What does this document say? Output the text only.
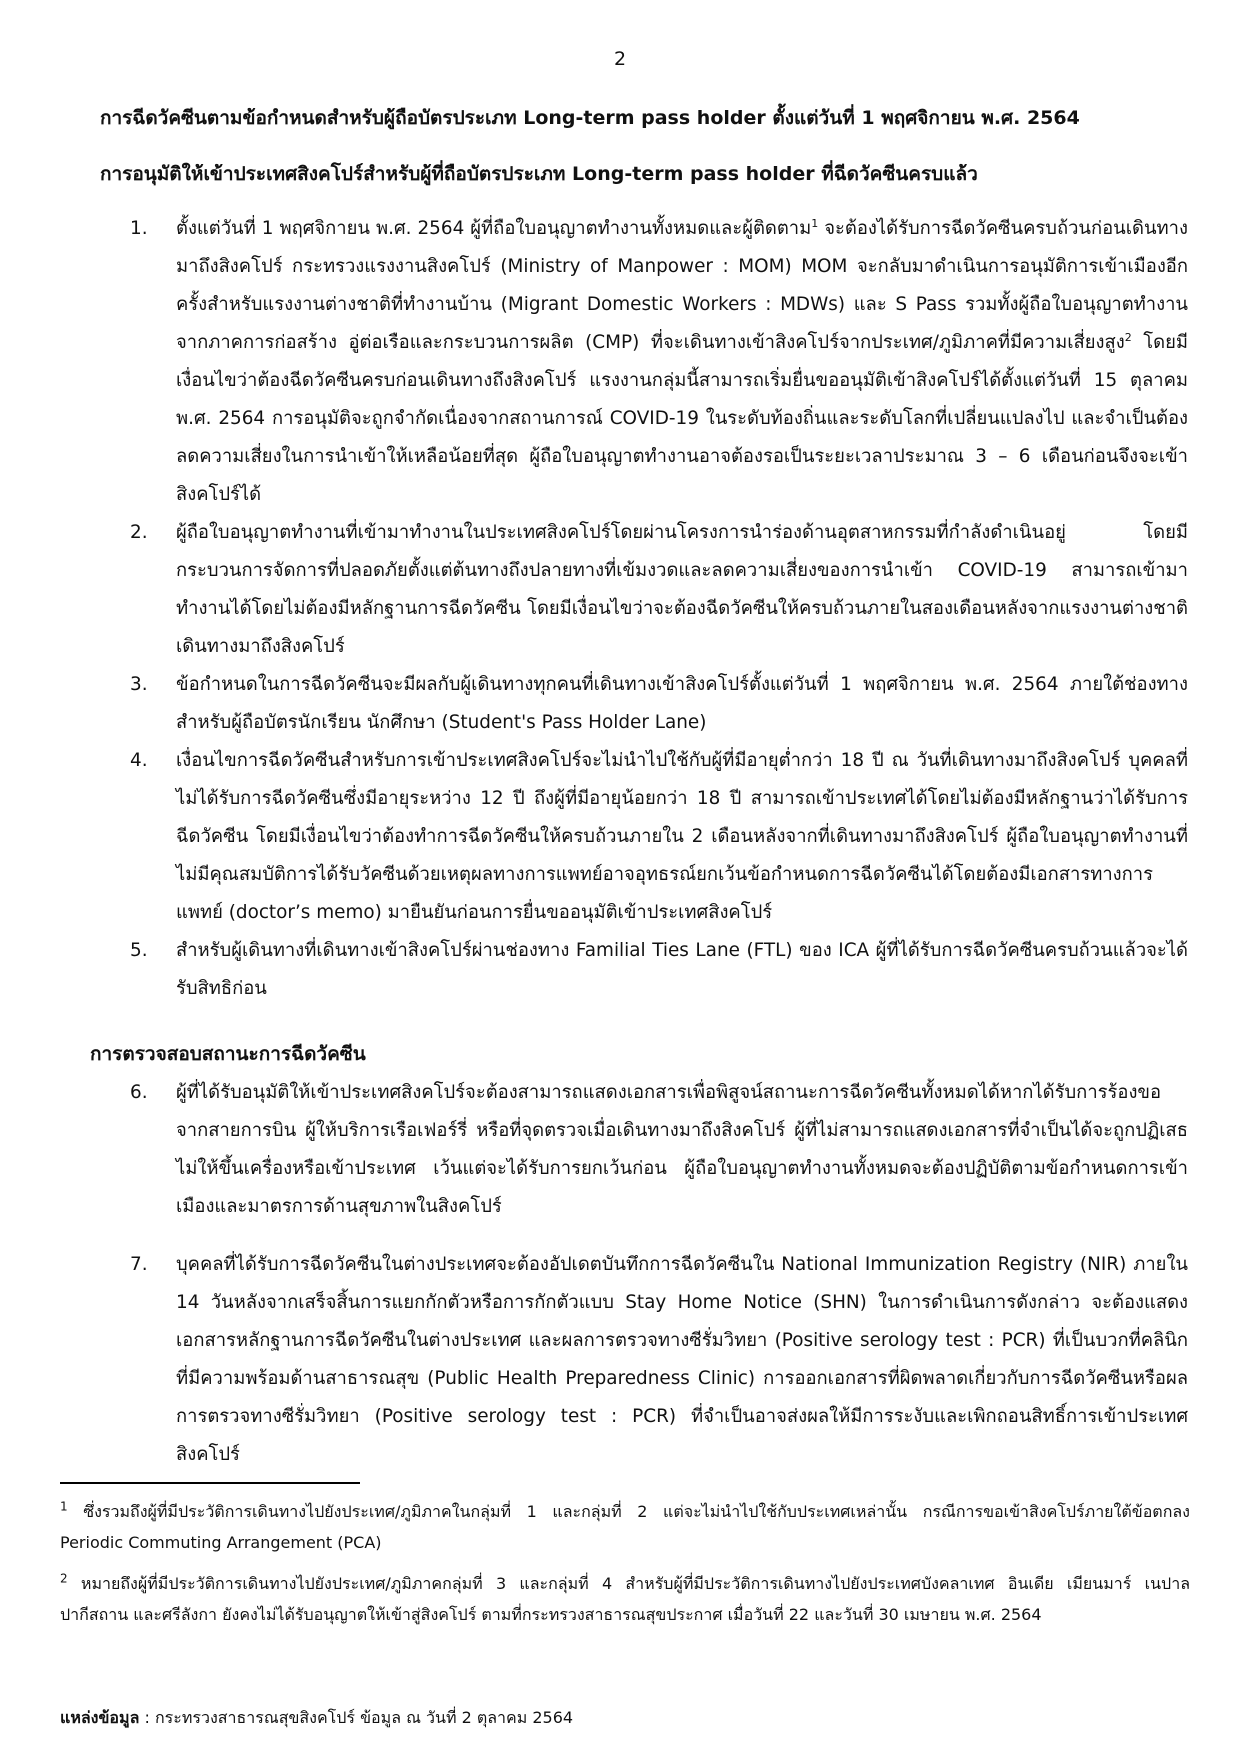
2
การฉีดวัคซีนตามข้อกำหนดสำหรับผู้ถือบัตรประเภท Long-term pass holder ตั้งแต่วันที่ 1 พฤศจิกายน พ.ศ. 2564
การอนุมัติให้เข้าประเทศสิงคโปร์สำหรับผู้ที่ถือบัตรประเภท Long-term pass holder ที่ฉีดวัคซีนครบแล้ว
1. ตั้งแต่วันที่ 1 พฤศจิกายน พ.ศ. 2564 ผู้ที่ถือใบอนุญาตทำงานทั้งหมดและผู้ติดตาม$^1$ จะต้องได้รับการฉีดวัคซีนครบถ้วนก่อนเดินทางมาถึงสิงคโปร์ กระทรวงแรงงานสิงคโปร์ (Ministry of Manpower : MOM) MOM จะกลับมาดำเนินการอนุมัติการเข้าเมืองอีกครั้งสำหรับแรงงานต่างชาติที่ทำงานบ้าน (Migrant Domestic Workers : MDWs) และ S Pass รวมทั้งผู้ถือใบอนุญาตทำงานจากภาคการก่อสร้าง อู่ต่อเรือและกระบวนการผลิต (CMP) ที่จะเดินทางเข้าสิงคโปร์จากประเทศ/ภูมิภาคที่มีความเสี่ยงสูง$^2$ โดยมีเงื่อนไขว่าต้องฉีดวัคซีนครบก่อนเดินทางถึงสิงคโปร์ แรงงานกลุ่มนี้สามารถเริ่มยื่นขออนุมัติเข้าสิงคโปร์ได้ตั้งแต่วันที่ 15 ตุลาคม พ.ศ. 2564 การอนุมัติจะถูกจำกัดเนื่องจากสถานการณ์ COVID-19 ในระดับท้องถิ่นและระดับโลกที่เปลี่ยนแปลงไป และจำเป็นต้องลดความเสี่ยงในการนำเข้าให้เหลือน้อยที่สุด ผู้ถือใบอนุญาตทำงานอาจต้องรอเป็นระยะเวลาประมาณ 3 – 6 เดือนก่อนจึงจะเข้าสิงคโปร์ได้
2. ผู้ถือใบอนุญาตทำงานที่เข้ามาทำงานในประเทศสิงคโปร์โดยผ่านโครงการนำร่องด้านอุตสาหกรรมที่กำลังดำเนินอยู่ โดยมีกระบวนการจัดการที่ปลอดภัยตั้งแต่ต้นทางถึงปลายทางที่เข้มงวดและลดความเสี่ยงของการนำเข้า COVID-19 สามารถเข้ามาทำงานได้โดยไม่ต้องมีหลักฐานการฉีดวัคซีน โดยมีเงื่อนไขว่าจะต้องฉีดวัคซีนให้ครบถ้วนภายในสองเดือนหลังจากแรงงานต่างชาติเดินทางมาถึงสิงคโปร์
3. ข้อกำหนดในการฉีดวัคซีนจะมีผลกับผู้เดินทางทุกคนที่เดินทางเข้าสิงคโปร์ตั้งแต่วันที่ 1 พฤศจิกายน พ.ศ. 2564 ภายใต้ช่องทางสำหรับผู้ถือบัตรนักเรียน นักศึกษา (Student's Pass Holder Lane)
4. เงื่อนไขการฉีดวัคซีนสำหรับการเข้าประเทศสิงคโปร์จะไม่นำไปใช้กับผู้ที่มีอายุต่ำกว่า 18 ปี ณ วันที่เดินทางมาถึงสิงคโปร์ บุคคลที่ไม่ได้รับการฉีดวัคซีนซึ่งมีอายุระหว่าง 12 ปี ถึงผู้ที่มีอายุน้อยกว่า 18 ปี สามารถเข้าประเทศได้โดยไม่ต้องมีหลักฐานว่าได้รับการฉีดวัคซีน โดยมีเงื่อนไขว่าต้องทำการฉีดวัคซีนให้ครบถ้วนภายใน 2 เดือนหลังจากที่เดินทางมาถึงสิงคโปร์ ผู้ถือใบอนุญาตทำงานที่ไม่มีคุณสมบัติการได้รับวัคซีนด้วยเหตุผลทางการแพทย์อาจอุทธรณ์ยกเว้นข้อกำหนดการฉีดวัคซีนได้โดยต้องมีเอกสารทางการแพทย์ (doctor’s memo) มายืนยันก่อนการยื่นขออนุมัติเข้าประเทศสิงคโปร์
5. สำหรับผู้เดินทางที่เดินทางเข้าสิงคโปร์ผ่านช่องทาง Familial Ties Lane (FTL) ของ ICA ผู้ที่ได้รับการฉีดวัคซีนครบถ้วนแล้วจะได้รับสิทธิก่อน
การตรวจสอบสถานะการฉีดวัคซีน
6. ผู้ที่ได้รับอนุมัติให้เข้าประเทศสิงคโปร์จะต้องสามารถแสดงเอกสารเพื่อพิสูจน์สถานะการฉีดวัคซีนทั้งหมดได้หากได้รับการร้องขอจากสายการบิน ผู้ให้บริการเรือเฟอร์รี่ หรือที่จุดตรวจเมื่อเดินทางมาถึงสิงคโปร์ ผู้ที่ไม่สามารถแสดงเอกสารที่จำเป็นได้จะถูกปฏิเสธไม่ให้ขึ้นเครื่องหรือเข้าประเทศ เว้นแต่จะได้รับการยกเว้นก่อน ผู้ถือใบอนุญาตทำงานทั้งหมดจะต้องปฏิบัติตามข้อกำหนดการเข้าเมืองและมาตรการด้านสุขภาพในสิงคโปร์
7. บุคคลที่ได้รับการฉีดวัคซีนในต่างประเทศจะต้องอัปเดตบันทึกการฉีดวัคซีนใน National Immunization Registry (NIR) ภายใน 14 วันหลังจากเสร็จสิ้นการแยกกักตัวหรือการกักตัวแบบ Stay Home Notice (SHN) ในการดำเนินการดังกล่าว จะต้องแสดงเอกสารหลักฐานการฉีดวัคซีนในต่างประเทศ และผลการตรวจทางซีรั่มวิทยา (Positive serology test : PCR) ที่เป็นบวกที่คลินิกที่มีความพร้อมด้านสาธารณสุข (Public Health Preparedness Clinic) การออกเอกสารที่ผิดพลาดเกี่ยวกับการฉีดวัคซีนหรือผลการตรวจทางซีรั่มวิทยา (Positive serology test : PCR) ที่จำเป็นอาจส่งผลให้มีการระงับและเพิกถอนสิทธิ์การเข้าประเทศสิงคโปร์
$^1$ ซึ่งรวมถึงผู้ที่มีประวัติการเดินทางไปยังประเทศ/ภูมิภาคในกลุ่มที่ 1 และกลุ่มที่ 2 แต่จะไม่นำไปใช้กับประเทศเหล่านั้น กรณีการขอเข้าสิงคโปร์ภายใต้ข้อตกลง Periodic Commuting Arrangement (PCA)
$^2$ หมายถึงผู้ที่มีประวัติการเดินทางไปยังประเทศ/ภูมิภาคกลุ่มที่ 3 และกลุ่มที่ 4 สำหรับผู้ที่มีประวัติการเดินทางไปยังประเทศบังคลาเทศ อินเดีย เมียนมาร์ เนปาล ปากีสถาน และศรีลังกา ยังคงไม่ได้รับอนุญาตให้เข้าสู่สิงคโปร์ ตามที่กระทรวงสาธารณสุขประกาศ เมื่อวันที่ 22 และวันที่ 30 เมษายน พ.ศ. 2564
แหล่งข้อมูล : กระทรวงสาธารณสุขสิงคโปร์ ข้อมูล ณ วันที่ 2 ตุลาคม 2564
